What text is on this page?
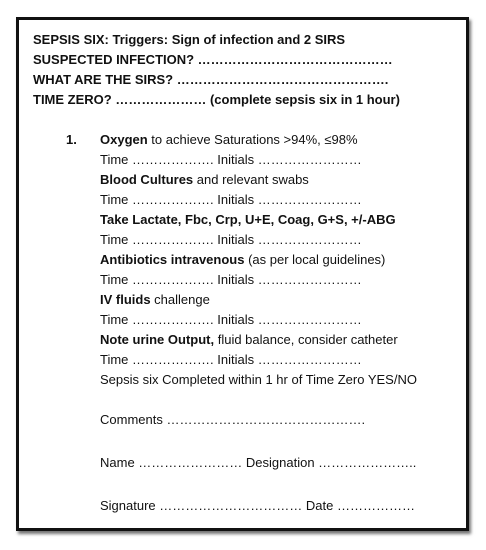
SEPSIS SIX: Triggers: Sign of infection and 2 SIRS
SUSPECTED INFECTION? ………………………………………
WHAT ARE THE SIRS? ………………………………………….
TIME ZERO? ………………… (complete sepsis six in 1 hour)
1. Oxygen to achieve Saturations >94%, ≤98%
Time ………………. Initials ……………………
Blood Cultures and relevant swabs
Time ………………. Initials ……………………
Take Lactate, Fbc, Crp, U+E, Coag, G+S, +/-ABG
Time ………………. Initials ……………………
Antibiotics intravenous (as per local guidelines)
Time ………………. Initials ……………………
IV fluids challenge
Time ………………. Initials ……………………
Note urine Output, fluid balance, consider catheter
Time ………………. Initials ……………………
Sepsis six Completed within 1 hr of Time Zero YES/NO
Comments ……………………………………….
Name …………………… Designation …………………..
Signature …………………………… Date ………………
